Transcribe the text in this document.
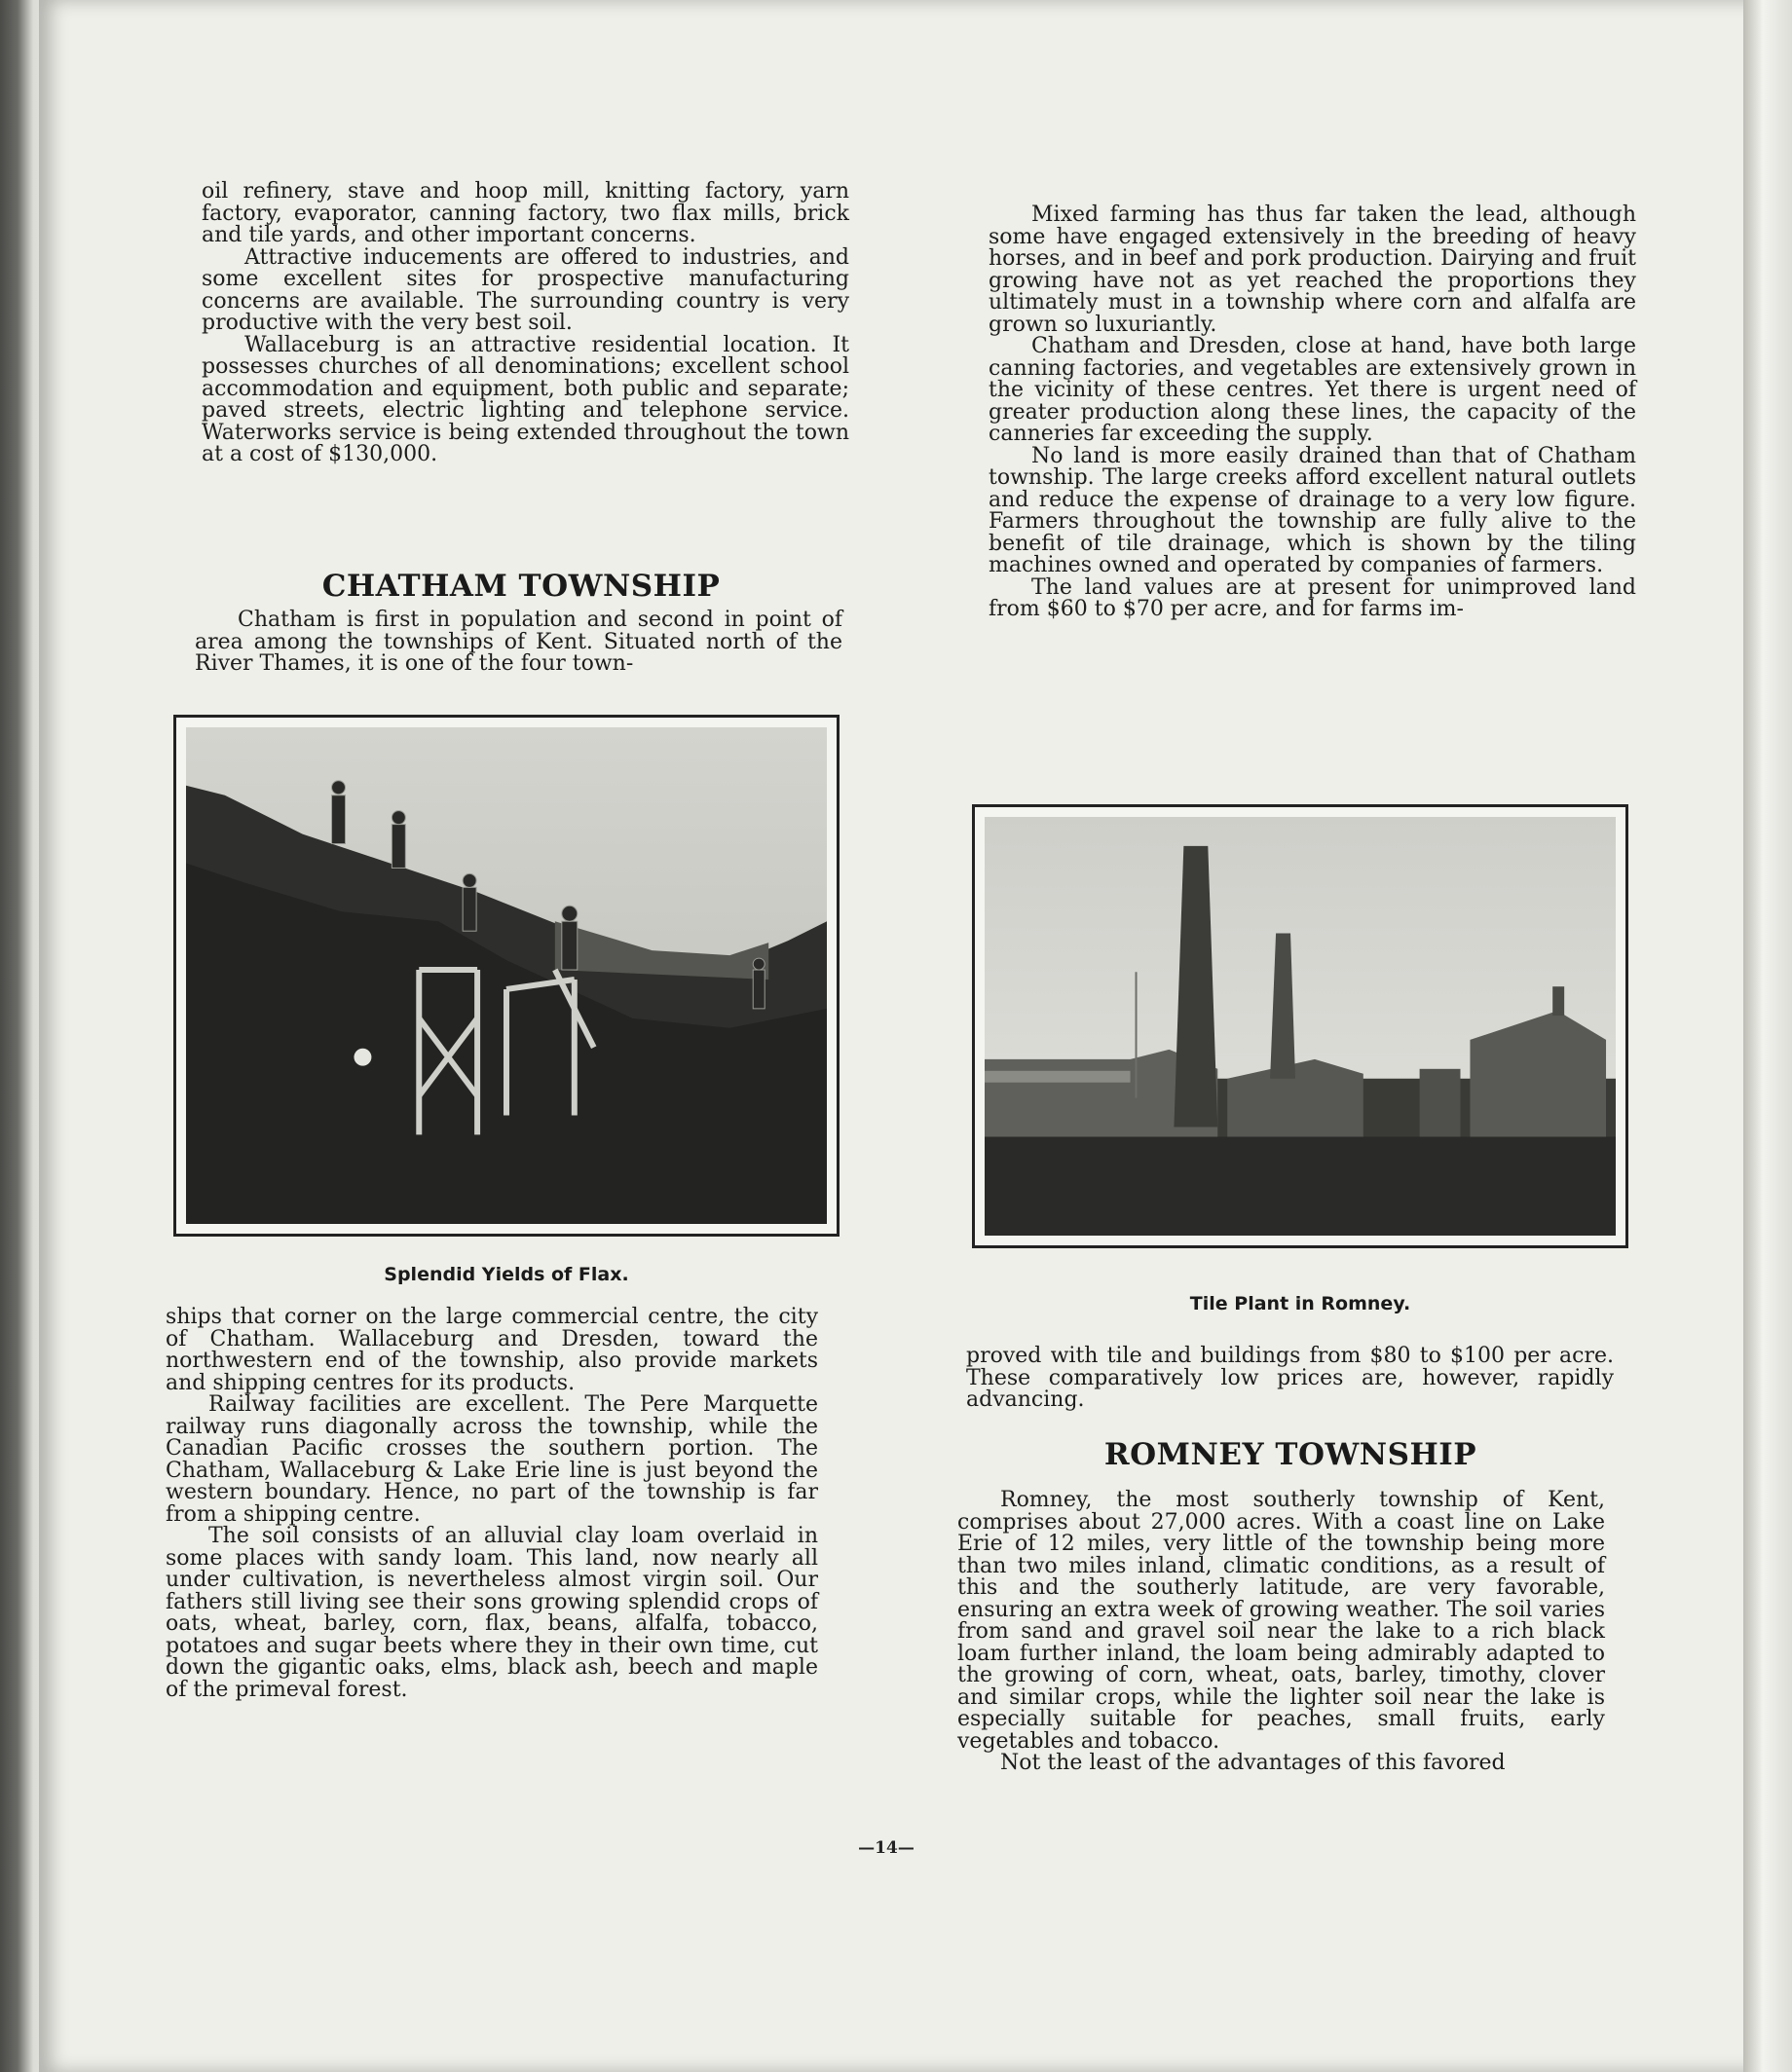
oil refinery, stave and hoop mill, knitting factory, yarn factory, evaporator, canning factory, two flax mills, brick and tile yards, and other important concerns.

Attractive inducements are offered to industries, and some excellent sites for prospective manufacturing concerns are available. The surrounding country is very productive with the very best soil.

Wallaceburg is an attractive residential location. It possesses churches of all denominations; excellent school accommodation and equipment, both public and separate; paved streets, electric lighting and telephone service. Waterworks service is being extended throughout the town at a cost of $130,000.

CHATHAM TOWNSHIP

Chatham is first in population and second in point of area among the townships of Kent. Situated north of the River Thames, it is one of the four town-

Splendid Yields of Flax.

ships that corner on the large commercial centre, the city of Chatham. Wallaceburg and Dresden, toward the northwestern end of the township, also provide markets and shipping centres for its products.

Railway facilities are excellent. The Pere Marquette railway runs diagonally across the township, while the Canadian Pacific crosses the southern portion. The Chatham, Wallaceburg & Lake Erie line is just beyond the western boundary. Hence, no part of the township is far from a shipping centre.

The soil consists of an alluvial clay loam overlaid in some places with sandy loam. This land, now nearly all under cultivation, is nevertheless almost virgin soil. Our fathers still living see their sons growing splendid crops of oats, wheat, barley, corn, flax, beans, alfalfa, tobacco, potatoes and sugar beets where they in their own time, cut down the gigantic oaks, elms, black ash, beech and maple of the primeval forest.

Mixed farming has thus far taken the lead, although some have engaged extensively in the breeding of heavy horses, and in beef and pork production. Dairying and fruit growing have not as yet reached the proportions they ultimately must in a township where corn and alfalfa are grown so luxuriantly.

Chatham and Dresden, close at hand, have both large canning factories, and vegetables are extensively grown in the vicinity of these centres. Yet there is urgent need of greater production along these lines, the capacity of the canneries far exceeding the supply.

No land is more easily drained than that of Chatham township. The large creeks afford excellent natural outlets and reduce the expense of drainage to a very low figure. Farmers throughout the township are fully alive to the benefit of tile drainage, which is shown by the tiling machines owned and operated by companies of farmers.

The land values are at present for unimproved land from $60 to $70 per acre, and for farms im-

Tile Plant in Romney.

proved with tile and buildings from $80 to $100 per acre. These comparatively low prices are, however, rapidly advancing.

ROMNEY TOWNSHIP

Romney, the most southerly township of Kent, comprises about 27,000 acres. With a coast line on Lake Erie of 12 miles, very little of the township being more than two miles inland, climatic conditions, as a result of this and the southerly latitude, are very favorable, ensuring an extra week of growing weather. The soil varies from sand and gravel soil near the lake to a rich black loam further inland, the loam being admirably adapted to the growing of corn, wheat, oats, barley, timothy, clover and similar crops, while the lighter soil near the lake is especially suitable for peaches, small fruits, early vegetables and tobacco.

Not the least of the advantages of this favored

—14—
